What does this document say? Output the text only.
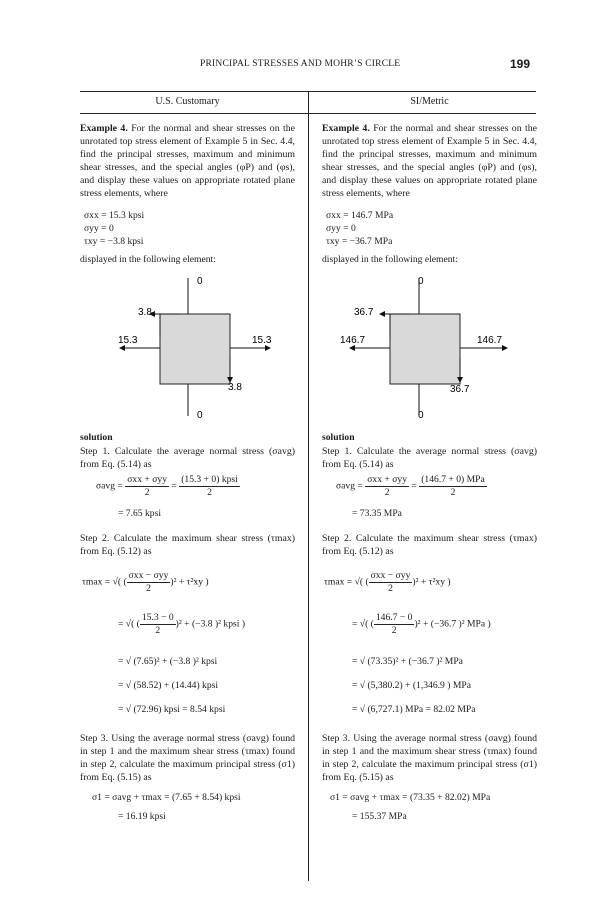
PRINCIPAL STRESSES AND MOHR’S CIRCLE	199
U.S. Customary	SI/Metric

Example 4. For the normal and shear stresses on the unrotated top stress element of Example 5 in Sec. 4.4, find the principal stresses, maximum and minimum shear stresses, and the special angles (φP) and (φs), and display these values on appropriate rotated plane stress elements, where

σxx = 15.3 kpsi
σyy = 0
τxy = −3.8 kpsi
displayed in the following element:
0
0
15.3	15.3
3.8
3.8
solution

Step 1. Calculate the average normal stress (σavg) from Eq. (5.14) as

$\sigma avg = \frac{\text{σxx + σyy}}{2} = \frac{\text{(15.3 + 0) kpsi}}{2}$
= 7.65 kpsi

Step 2. Calculate the maximum shear stress (τmax) from Eq. (5.12) as

τmax = √( ( $\frac{\text{σxx − σyy}}{2} )^2 + \tau^2xy$ )
= √( ( $\frac{15.3 - 0}{2} )^2 + (-3.8$ )² kpsi )
= √ (7.65)² + (−3.8 )² kpsi
= √ (58.52) + (14.44) kpsi
= √ (72.96) kpsi = 8.54 kpsi

Step 3. Using the average normal stress (σavg) found in step 1 and the maximum shear stress (τmax) found in step 2, calculate the maximum principal stress (σ1) from Eq. (5.15) as

σ1 = σavg + τmax = (7.65 + 8.54) kpsi
= 16.19 kpsi

Example 4. For the normal and shear stresses on the unrotated top stress element of Example 5 in Sec. 4.4, find the principal stresses, maximum and minimum shear stresses, and the special angles (φP) and (φs), and display these values on appropriate rotated plane stress elements, where

σxx = 146.7 MPa
σyy = 0
τxy = −36.7 MPa
displayed in the following element:
0
0
146.7	146.7
36.7
36.7
solution

Step 1. Calculate the average normal stress (σavg) from Eq. (5.14) as

$\sigma avg = \frac{\text{σxx + σyy}}{2} = \frac{\text{(146.7 + 0) MPa}}{2}$
= 73.35 MPa

Step 2. Calculate the maximum shear stress (τmax) from Eq. (5.12) as

τmax = √( ( $\frac{\text{σxx − σyy}}{2} )^2 + \tau^2xy$ )
= √( ( $\frac{146.7 - 0}{2} )^2 + (-36.7$ )² MPa )
= √ (73.35)² + (−36.7 )² MPa
= √ (5,380.2) + (1,346.9 ) MPa
= √ (6,727.1) MPa = 82.02 MPa

Step 3. Using the average normal stress (σavg) found in step 1 and the maximum shear stress (τmax) found in step 2, calculate the maximum principal stress (σ1) from Eq. (5.15) as

σ1 = σavg + τmax = (73.35 + 82.02) MPa
= 155.37 MPa
